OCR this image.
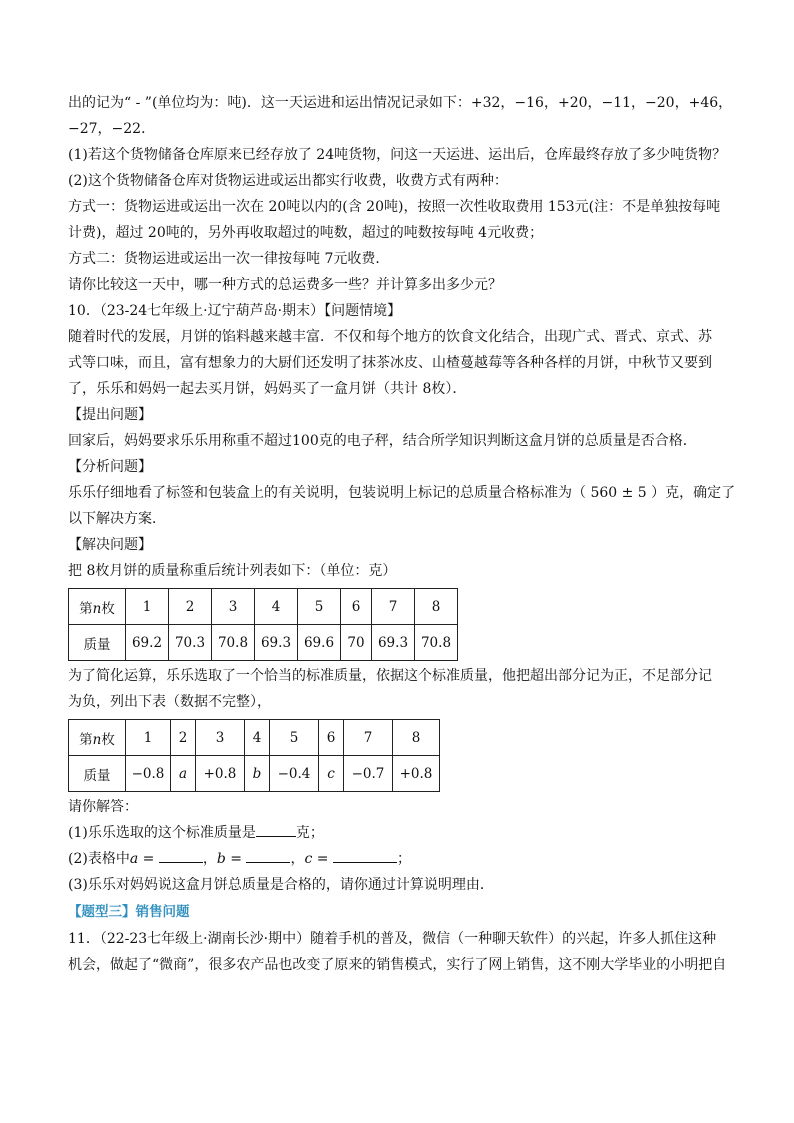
出的记为“ - ”(单位均为：吨)．这一天运进和运出情况记录如下：+32，−16，+20，−11，−20，+46，

−27，−22．

(1)若这个货物储备仓库原来已经存放了 24吨货物，问这一天运进、运出后，仓库最终存放了多少吨货物？

(2)这个货物储备仓库对货物运进或运出都实行收费，收费方式有两种：

方式一：货物运进或运出一次在 20吨以内的(含 20吨)，按照一次性收取费用 153元(注：不是单独按每吨

计费)，超过 20吨的，另外再收取超过的吨数，超过的吨数按每吨 4元收费；

方式二：货物运进或运出一次一律按每吨 7元收费．

请你比较这一天中，哪一种方式的总运费多一些？并计算多出多少元？

10．（23-24七年级上·辽宁葫芦岛·期末）【问题情境】

随着时代的发展，月饼的馅料越来越丰富．不仅和每个地方的饮食文化结合，出现广式、晋式、京式、苏

式等口味，而且，富有想象力的大厨们还发明了抹茶冰皮、山楂蔓越莓等各种各样的月饼，中秋节又要到

了，乐乐和妈妈一起去买月饼，妈妈买了一盒月饼（共计 8枚）．

【提出问题】

回家后，妈妈要求乐乐用称重不超过100克的电子秤，结合所学知识判断这盒月饼的总质量是否合格．

【分析问题】

乐乐仔细地看了标签和包装盒上的有关说明，包装说明上标记的总质量合格标准为（ 560 ± 5 ）克，确定了

以下解决方案．

【解决问题】

把 8枚月饼的质量称重后统计列表如下：（单位：克）

第n枚	1	2	3	4	5	6	7	8
质量	69.2	70.3	70.8	69.3	69.6	70	69.3	70.8

为了简化运算，乐乐选取了一个恰当的标准质量，依据这个标准质量，他把超出部分记为正，不足部分记

为负，列出下表（数据不完整），

第n枚	1	2	3	4	5	6	7	8
质量	−0.8	a	+0.8	b	−0.4	c	−0.7	+0.8

请你解答：

(1)乐乐选取的这个标准质量是	克；

(2)表格中a =	，b =	，c =	；

(3)乐乐对妈妈说这盒月饼总质量是合格的，请你通过计算说明理由．

【题型三】销售问题

11．（22-23七年级上·湖南长沙·期中）随着手机的普及，微信（一种聊天软件）的兴起，许多人抓住这种

机会，做起了“微商”，很多农产品也改变了原来的销售模式，实行了网上销售，这不刚大学毕业的小明把自
